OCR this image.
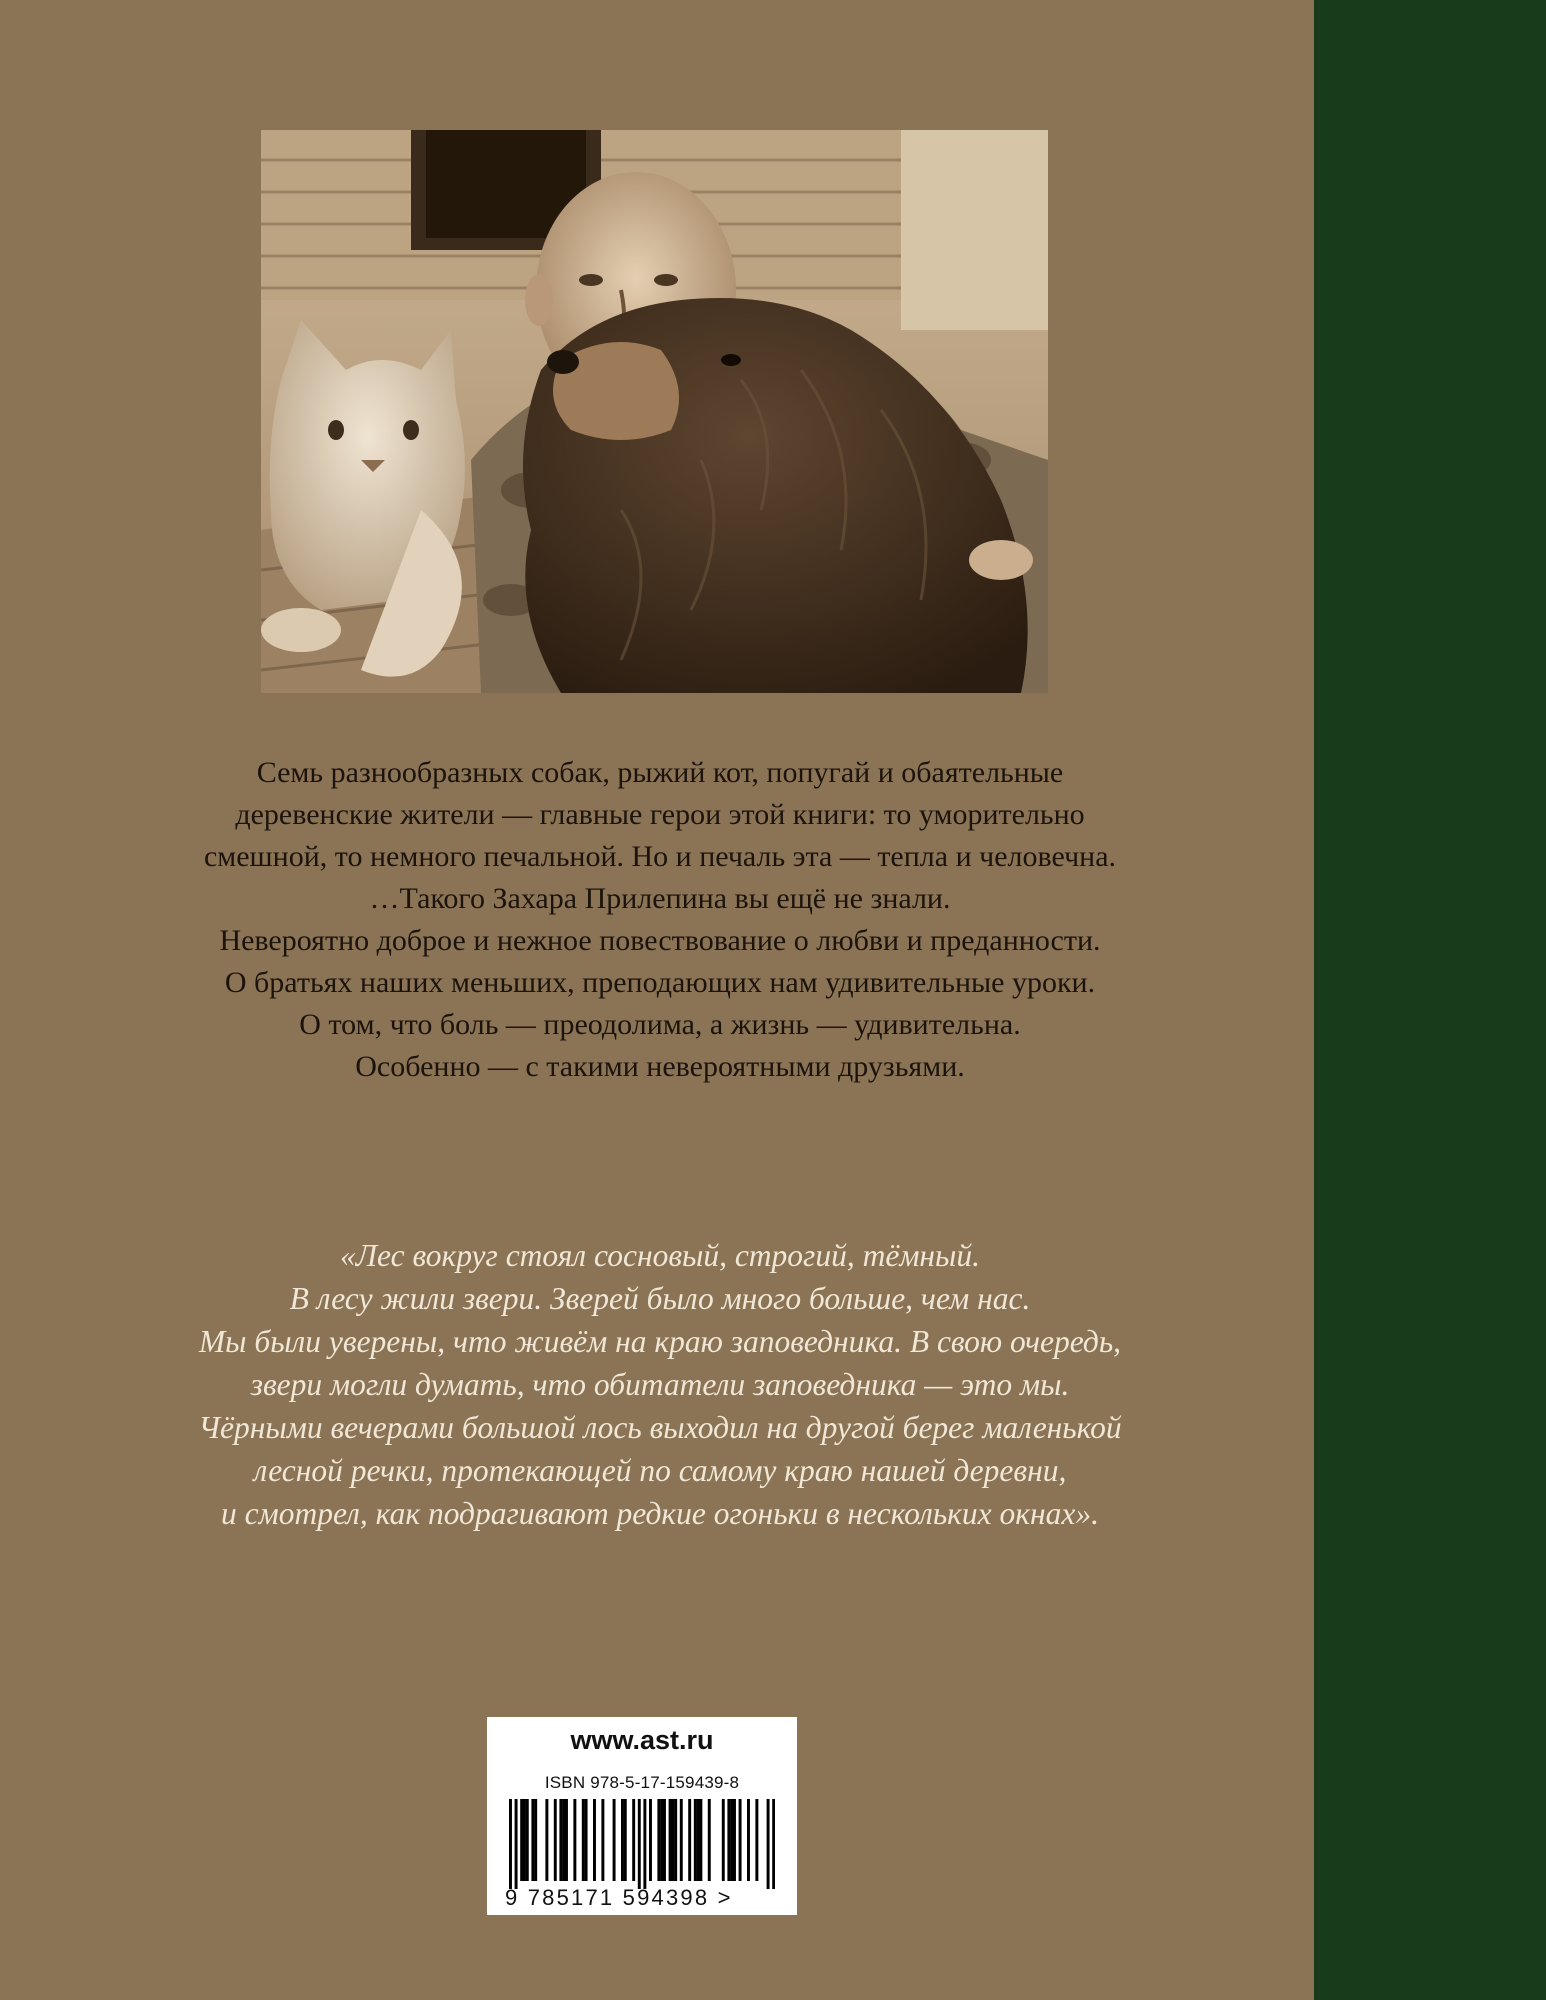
Семь разнообразных собак, рыжий кот, попугай и обаятельные
деревенские жители — главные герои этой книги: то уморительно
смешной, то немного печальной. Но и печаль эта — тепла и человечна.
…Такого Захара Прилепина вы ещё не знали.
Невероятно доброе и нежное повествование о любви и преданности.
О братьях наших меньших, преподающих нам удивительные уроки.
О том, что боль — преодолима, а жизнь — удивительна.
Особенно — с такими невероятными друзьями.
«Лес вокруг стоял сосновый, строгий, тёмный.
В лесу жили звери. Зверей было много больше, чем нас.
Мы были уверены, что живём на краю заповедника. В свою очередь,
звери могли думать, что обитатели заповедника — это мы.
Чёрными вечерами большой лось выходил на другой берег маленькой
лесной речки, протекающей по самому краю нашей деревни,
и смотрел, как подрагивают редкие огоньки в нескольких окнах».
www.ast.ru
ISBN 978-5-17-159439-8
9 785171 594398 >
